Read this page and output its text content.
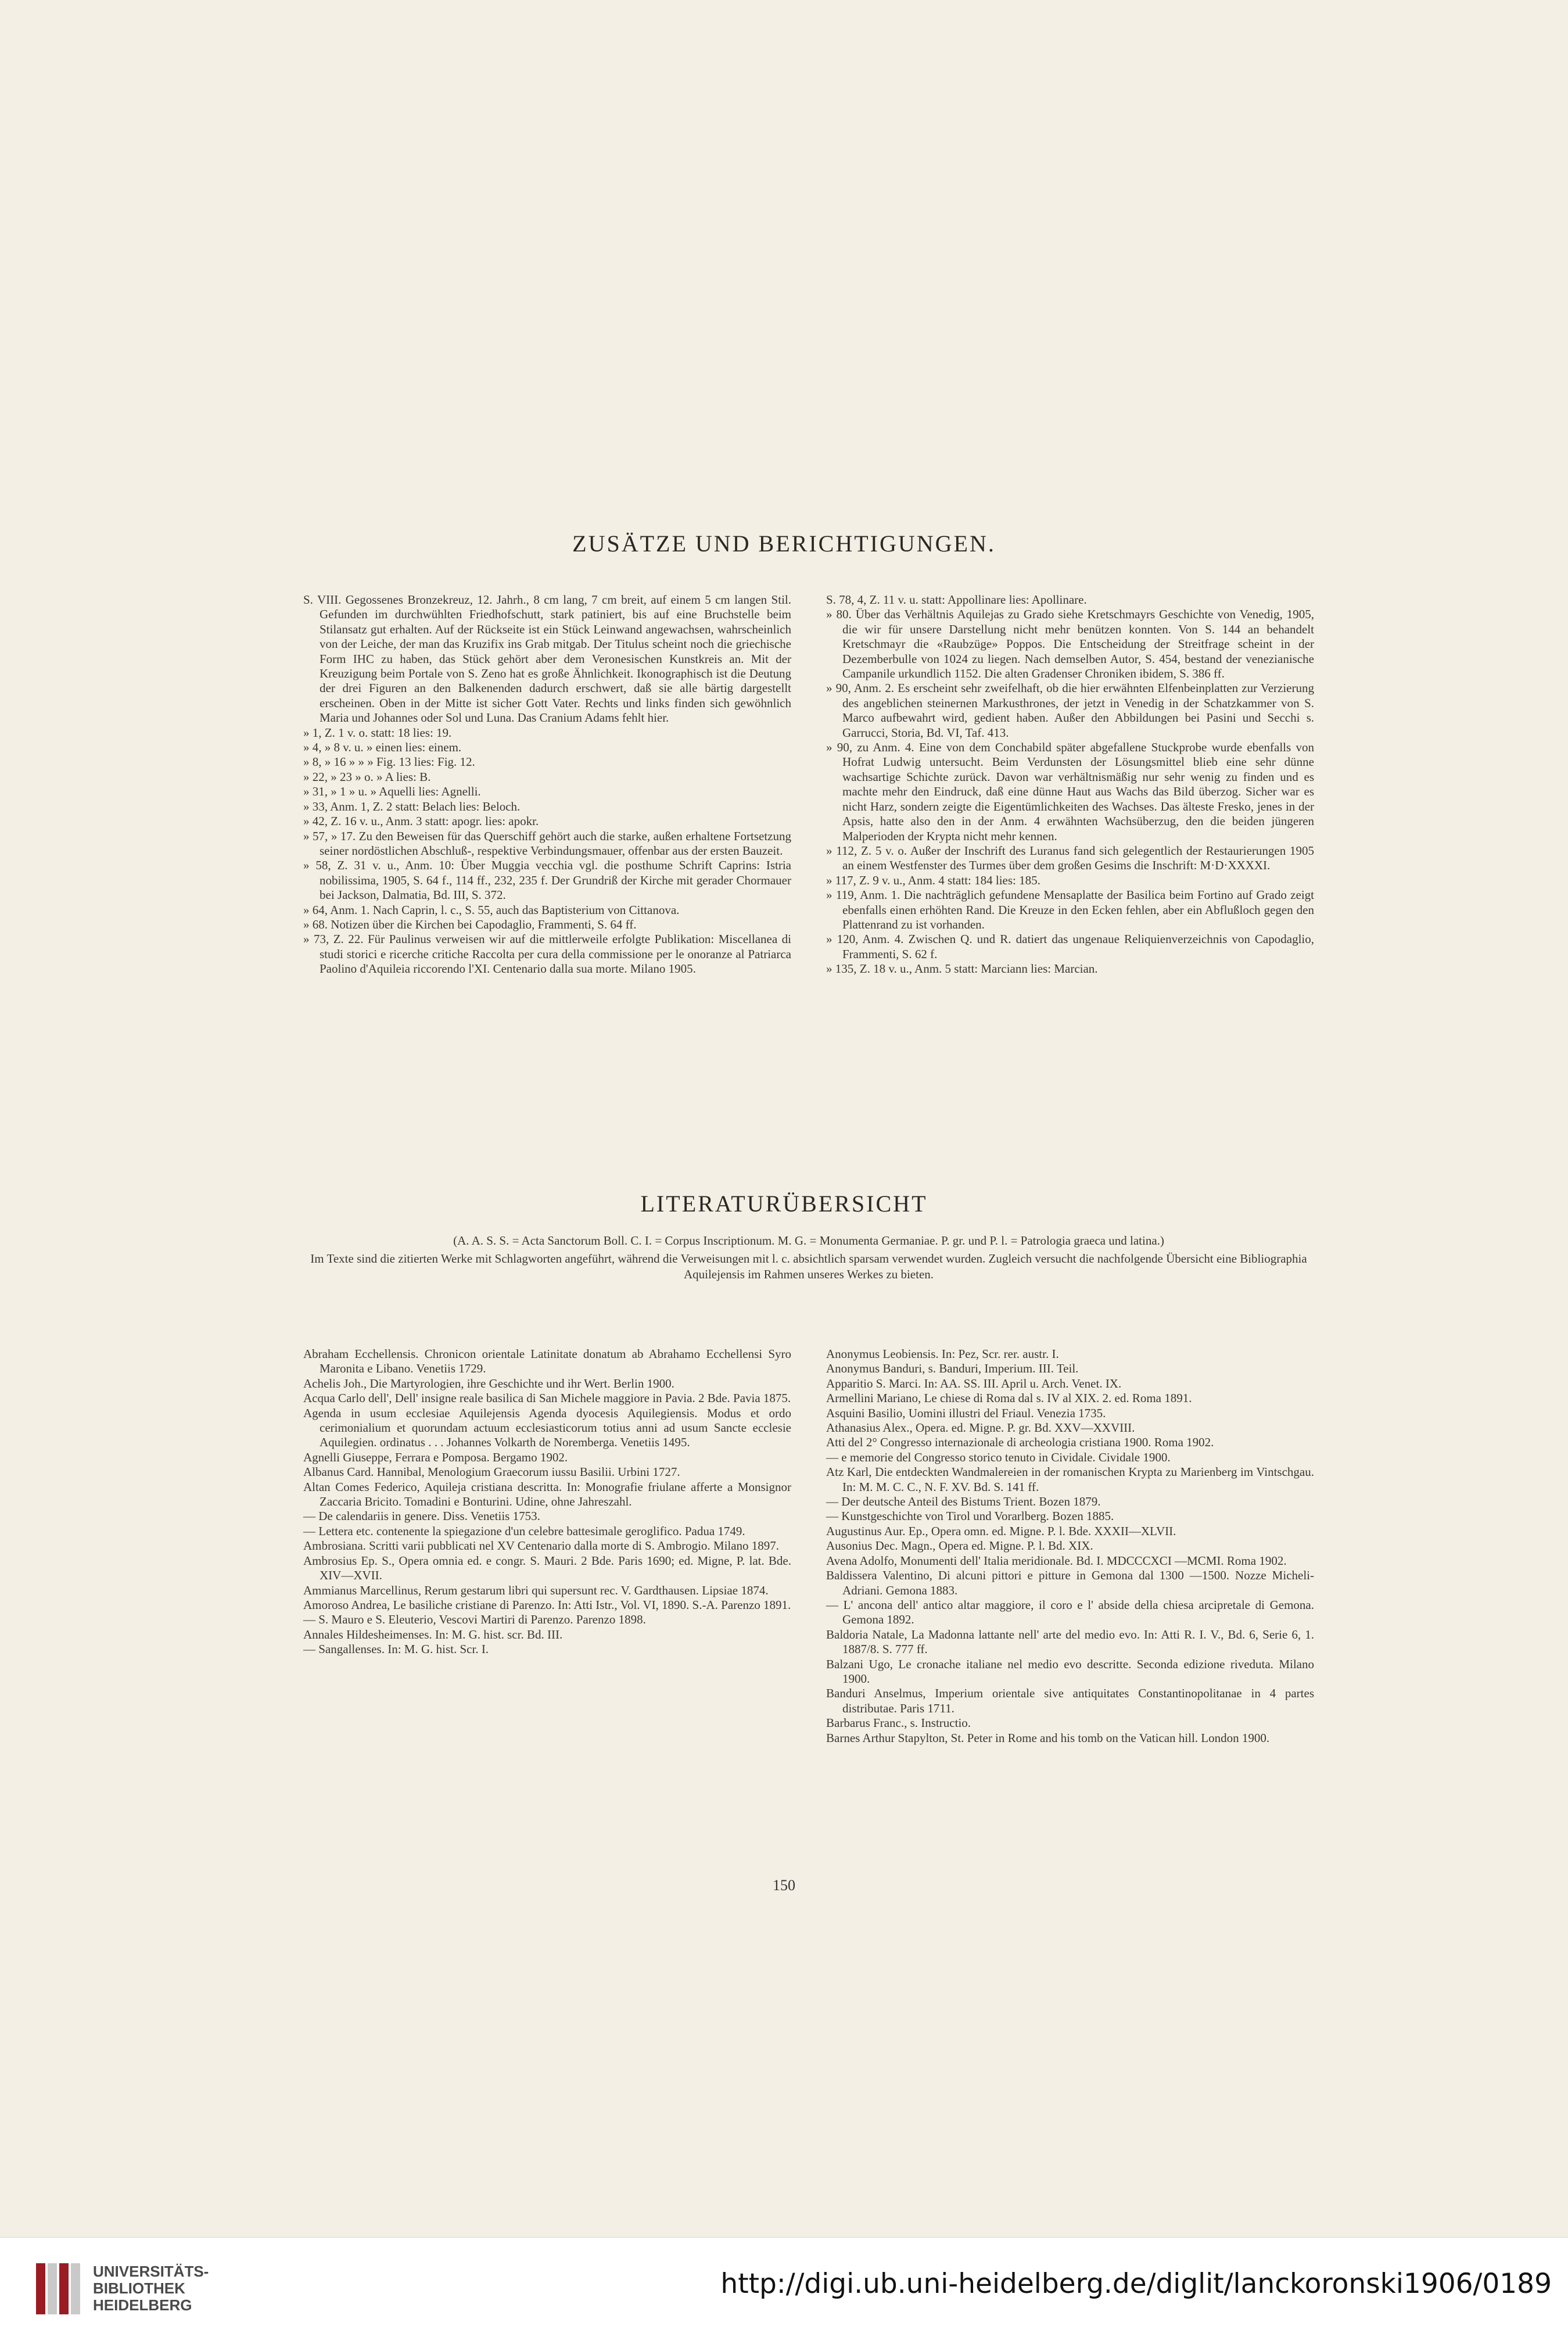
ZUSÄTZE UND BERICHTIGUNGEN.

S. VIII. Gegossenes Bronzekreuz, 12. Jahrh., 8 cm lang, 7 cm breit, auf einem 5 cm langen Stil. Gefunden im durchwühlten Friedhofschutt, stark patiniert, bis auf eine Bruchstelle beim Stilansatz gut erhalten. Auf der Rückseite ist ein Stück Leinwand angewachsen, wahrscheinlich von der Leiche, der man das Kruzifix ins Grab mitgab. Der Titulus scheint noch die griechische Form IHC zu haben, das Stück gehört aber dem Veronesischen Kunstkreis an. Mit der Kreuzigung beim Portale von S. Zeno hat es große Ähnlichkeit. Ikonographisch ist die Deutung der drei Figuren an den Balkenenden dadurch erschwert, daß sie alle bärtig dargestellt erscheinen. Oben in der Mitte ist sicher Gott Vater. Rechts und links finden sich gewöhnlich Maria und Johannes oder Sol und Luna. Das Cranium Adams fehlt hier.

» 1, Z. 1 v. o. statt: 18 lies: 19.

» 4, » 8 v. u. » einen lies: einem.

» 8, » 16 » » » Fig. 13 lies: Fig. 12.

» 22, » 23 » o. » A lies: B.

» 31, » 1 » u. » Aquelli lies: Agnelli.

» 33, Anm. 1, Z. 2 statt: Belach lies: Beloch.

» 42, Z. 16 v. u., Anm. 3 statt: apogr. lies: apokr.

» 57, » 17. Zu den Beweisen für das Querschiff gehört auch die starke, außen erhaltene Fortsetzung seiner nordöstlichen Abschluß-, respektive Verbindungsmauer, offenbar aus der ersten Bauzeit.

» 58, Z. 31 v. u., Anm. 10: Über Muggia vecchia vgl. die posthume Schrift Caprins: Istria nobilissima, 1905, S. 64 f., 114 ff., 232, 235 f. Der Grundriß der Kirche mit gerader Chormauer bei Jackson, Dalmatia, Bd. III, S. 372.

» 64, Anm. 1. Nach Caprin, l. c., S. 55, auch das Baptisterium von Cittanova.

» 68. Notizen über die Kirchen bei Capodaglio, Frammenti, S. 64 ff.

» 73, Z. 22. Für Paulinus verweisen wir auf die mittlerweile erfolgte Publikation: Miscellanea di studi storici e ricerche critiche Raccolta per cura della commissione per le onoranze al Patriarca Paolino d'Aquileia riccorendo l'XI. Centenario dalla sua morte. Milano 1905.

S. 78, 4, Z. 11 v. u. statt: Appollinare lies: Apollinare.

» 80. Über das Verhältnis Aquilejas zu Grado siehe Kretschmayrs Geschichte von Venedig, 1905, die wir für unsere Darstellung nicht mehr benützen konnten. Von S. 144 an behandelt Kretschmayr die «Raubzüge» Poppos. Die Entscheidung der Streitfrage scheint in der Dezemberbulle von 1024 zu liegen. Nach demselben Autor, S. 454, bestand der venezianische Campanile urkundlich 1152. Die alten Gradenser Chroniken ibidem, S. 386 ff.

» 90, Anm. 2. Es erscheint sehr zweifelhaft, ob die hier erwähnten Elfenbeinplatten zur Verzierung des angeblichen steinernen Markusthrones, der jetzt in Venedig in der Schatzkammer von S. Marco aufbewahrt wird, gedient haben. Außer den Abbildungen bei Pasini und Secchi s. Garrucci, Storia, Bd. VI, Taf. 413.

» 90, zu Anm. 4. Eine von dem Conchabild später abgefallene Stuckprobe wurde ebenfalls von Hofrat Ludwig untersucht. Beim Verdunsten der Lösungsmittel blieb eine sehr dünne wachsartige Schichte zurück. Davon war verhältnismäßig nur sehr wenig zu finden und es machte mehr den Eindruck, daß eine dünne Haut aus Wachs das Bild überzog. Sicher war es nicht Harz, sondern zeigte die Eigentümlichkeiten des Wachses. Das älteste Fresko, jenes in der Apsis, hatte also den in der Anm. 4 erwähnten Wachsüberzug, den die beiden jüngeren Malperioden der Krypta nicht mehr kennen.

» 112, Z. 5 v. o. Außer der Inschrift des Luranus fand sich gelegentlich der Restaurierungen 1905 an einem Westfenster des Turmes über dem großen Gesims die Inschrift: M·D·XXXXI.

» 117, Z. 9 v. u., Anm. 4 statt: 184 lies: 185.

» 119, Anm. 1. Die nachträglich gefundene Mensaplatte der Basilica beim Fortino auf Grado zeigt ebenfalls einen erhöhten Rand. Die Kreuze in den Ecken fehlen, aber ein Abflußloch gegen den Plattenrand zu ist vorhanden.

» 120, Anm. 4. Zwischen Q. und R. datiert das ungenaue Reliquienverzeichnis von Capodaglio, Frammenti, S. 62 f.

» 135, Z. 18 v. u., Anm. 5 statt: Marciann lies: Marcian.

LITERATURÜBERSICHT

(A. A. S. S. = Acta Sanctorum Boll. C. I. = Corpus Inscriptionum. M. G. = Monumenta Germaniae. P. gr. und P. l. = Patrologia graeca und latina.)

Im Texte sind die zitierten Werke mit Schlagworten angeführt, während die Verweisungen mit l. c. absichtlich sparsam verwendet wurden. Zugleich versucht die nachfolgende Übersicht eine Bibliographia Aquilejensis im Rahmen unseres Werkes zu bieten.

Abraham Ecchellensis. Chronicon orientale Latinitate donatum ab Abrahamo Ecchellensi Syro Maronita e Libano. Venetiis 1729.

Achelis Joh., Die Martyrologien, ihre Geschichte und ihr Wert. Berlin 1900.

Acqua Carlo dell', Dell' insigne reale basilica di San Michele maggiore in Pavia. 2 Bde. Pavia 1875.

Agenda in usum ecclesiae Aquilejensis Agenda dyocesis Aquilegiensis. Modus et ordo cerimonialium et quorundam actuum ecclesiasticorum totius anni ad usum Sancte ecclesie Aquilegien. ordinatus . . . Johannes Volkarth de Noremberga. Venetiis 1495.

Agnelli Giuseppe, Ferrara e Pomposa. Bergamo 1902.

Albanus Card. Hannibal, Menologium Graecorum iussu Basilii. Urbini 1727.

Altan Comes Federico, Aquileja cristiana descritta. In: Monografie friulane afferte a Monsignor Zaccaria Bricito. Tomadini e Bonturini. Udine, ohne Jahreszahl.

— De calendariis in genere. Diss. Venetiis 1753.

— Lettera etc. contenente la spiegazione d'un celebre battesimale geroglifico. Padua 1749.

Ambrosiana. Scritti varii pubblicati nel XV Centenario dalla morte di S. Ambrogio. Milano 1897.

Ambrosius Ep. S., Opera omnia ed. e congr. S. Mauri. 2 Bde. Paris 1690; ed. Migne, P. lat. Bde. XIV—XVII.

Ammianus Marcellinus, Rerum gestarum libri qui supersunt rec. V. Gardthausen. Lipsiae 1874.

Amoroso Andrea, Le basiliche cristiane di Parenzo. In: Atti Istr., Vol. VI, 1890. S.-A. Parenzo 1891.

— S. Mauro e S. Eleuterio, Vescovi Martiri di Parenzo. Parenzo 1898.

Annales Hildesheimenses. In: M. G. hist. scr. Bd. III.

— Sangallenses. In: M. G. hist. Scr. I.

Anonymus Leobiensis. In: Pez, Scr. rer. austr. I.

Anonymus Banduri, s. Banduri, Imperium. III. Teil.

Apparitio S. Marci. In: AA. SS. III. April u. Arch. Venet. IX.

Armellini Mariano, Le chiese di Roma dal s. IV al XIX. 2. ed. Roma 1891.

Asquini Basilio, Uomini illustri del Friaul. Venezia 1735.

Athanasius Alex., Opera. ed. Migne. P. gr. Bd. XXV—XXVIII.

Atti del 2° Congresso internazionale di archeologia cristiana 1900. Roma 1902.

— e memorie del Congresso storico tenuto in Cividale. Cividale 1900.

Atz Karl, Die entdeckten Wandmalereien in der romanischen Krypta zu Marienberg im Vintschgau. In: M. M. C. C., N. F. XV. Bd. S. 141 ff.

— Der deutsche Anteil des Bistums Trient. Bozen 1879.

— Kunstgeschichte von Tirol und Vorarlberg. Bozen 1885.

Augustinus Aur. Ep., Opera omn. ed. Migne. P. l. Bde. XXXII—XLVII.

Ausonius Dec. Magn., Opera ed. Migne. P. l. Bd. XIX.

Avena Adolfo, Monumenti dell' Italia meridionale. Bd. I. MDCCCXCI —MCMI. Roma 1902.

Baldissera Valentino, Di alcuni pittori e pitture in Gemona dal 1300 —1500. Nozze Micheli-Adriani. Gemona 1883.

— L' ancona dell' antico altar maggiore, il coro e l' abside della chiesa arcipretale di Gemona. Gemona 1892.

Baldoria Natale, La Madonna lattante nell' arte del medio evo. In: Atti R. I. V., Bd. 6, Serie 6, 1. 1887/8. S. 777 ff.

Balzani Ugo, Le cronache italiane nel medio evo descritte. Seconda edizione riveduta. Milano 1900.

Banduri Anselmus, Imperium orientale sive antiquitates Constantinopolitanae in 4 partes distributae. Paris 1711.

Barbarus Franc., s. Instructio.

Barnes Arthur Stapylton, St. Peter in Rome and his tomb on the Vatican hill. London 1900.

150
UNIVERSITÄTS-
BIBLIOTHEK
HEIDELBERG
http://digi.ub.uni-heidelberg.de/diglit/lanckoronski1906/0189
